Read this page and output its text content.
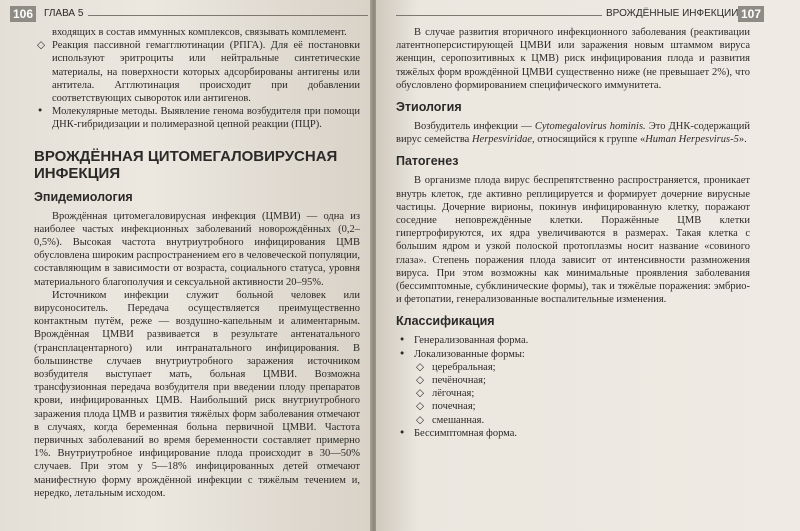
106	ГЛАВА 5

входящих в состав иммунных комплексов, связывать комплемент.

◇ Реакция пассивной гемагглютинации (РПГА). Для её постановки используют эритроциты или нейтральные синтетические материалы, на поверхности которых адсорбированы антигены или антитела. Агглютинация происходит при добавлении соответствующих сывороток или антигенов.
• Молекулярные методы. Выявление генома возбудителя при помощи ДНК-гибридизации и полимеразной цепной реакции (ПЦР).
ВРОЖДЁННАЯ ЦИТОМЕГАЛОВИРУСНАЯ ИНФЕКЦИЯ
Эпидемиология

Врождённая цитомегаловирусная инфекция (ЦМВИ) — одна из наиболее частых инфекционных заболеваний новорождённых (0,2–0,5%). Высокая частота внутриутробного инфицирования ЦМВ обусловлена широким распространением его в человеческой популяции, составляющим в зависимости от возраста, социального статуса, уровня материального благополучия и сексуальной активности 20–95%.

Источником инфекции служит больной человек или вирусоноситель. Передача осуществляется преимущественно контактным путём, реже — воздушно-капельным и алиментарным. Врождённая ЦМВИ развивается в результате антенатального (трансплацентарного) или интранатального инфицирования. В большинстве случаев внутриутробного заражения источником возбудителя выступает мать, больная ЦМВИ. Возможна трансфузионная передача возбудителя при введении плоду препаратов крови, инфицированных ЦМВ. Наибольший риск внутриутробного заражения плода ЦМВ и развития тяжёлых форм заболевания отмечают в случаях, когда беременная больна первичной ЦМВИ. Частота первичных заболеваний во время беременности составляет примерно 1%. Внутриутробное инфицирование плода происходит в 30—50% случаев. При этом у 5—18% инфицированных детей отмечают манифестную форму врождённой инфекции с тяжёлым течением и, нередко, летальным исходом.

ВРОЖДЁННЫЕ ИНФЕКЦИИ 107

В случае развития вторичного инфекционного заболевания (реактивации латентноперсистирующей ЦМВИ или заражения новым штаммом вируса женщин, серопозитивных к ЦМВ) риск инфицирования плода и развития тяжёлых форм врождённой ЦМВИ существенно ниже (не превышает 2%), что обусловлено формированием специфического иммунитета.

Этиология

Возбудитель инфекции — Cytomegalovirus hominis. Это ДНК-содержащий вирус семейства Herpesviridae, относящийся к группе «Human Herpesvirus-5».

Патогенез

В организме плода вирус беспрепятственно распространяется, проникает внутрь клеток, где активно реплицируется и формирует дочерние вирусные частицы. Дочерние вирионы, покинув инфицированную клетку, поражают соседние неповреждённые клетки. Поражённые ЦМВ клетки гипертрофируются, их ядра увеличиваются в размерах. Такая клетка с большим ядром и узкой полоской протоплазмы носит название «совиного глаза». Степень поражения плода зависит от интенсивности размножения вируса. При этом возможны как минимальные проявления заболевания (бессимптомные, субклинические формы), так и тяжёлые поражения: эмбрио- и фетопатии, генерализованные воспалительные изменения.

Классификация
• Генерализованная форма.
• Локализованные формы:
◇ церебральная;
◇ печёночная;
◇ лёгочная;
◇ почечная;
◇ смешанная.
• Бессимптомная форма.
